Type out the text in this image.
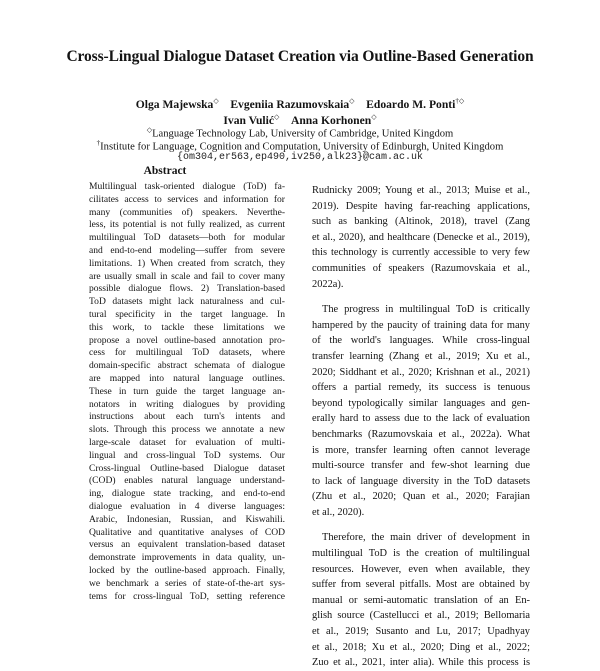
Cross-Lingual Dialogue Dataset Creation via Outline-Based Generation
Olga Majewska◇ Evgeniia Razumovskaia◇ Edoardo M. Ponti†◇
Ivan Vulić◇ Anna Korhonen◇
◇Language Technology Lab, University of Cambridge, United Kingdom
†Institute for Language, Cognition and Computation, University of Edinburgh, United Kingdom
{om304,er563,ep490,iv250,alk23}@cam.ac.uk
Abstract
Multilingual task-oriented dialogue (ToD) fa-
cilitates access to services and information for
many (communities of) speakers. Neverthe-
less, its potential is not fully realized, as current
multilingual ToD datasets—both for modular
and end-to-end modeling—suffer from severe
limitations. 1) When created from scratch, they
are usually small in scale and fail to cover many
possible dialogue flows. 2) Translation-based
ToD datasets might lack naturalness and cul-
tural specificity in the target language. In
this work, to tackle these limitations we
propose a novel outline-based annotation pro-
cess for multilingual ToD datasets, where
domain-specific abstract schemata of dialogue
are mapped into natural language outlines.
These in turn guide the target language an-
notators in writing dialogues by providing
instructions about each turn's intents and
slots. Through this process we annotate a new
large-scale dataset for evaluation of multi-
lingual and cross-lingual ToD systems. Our
Cross-lingual Outline-based Dialogue dataset
(COD) enables natural language understand-
ing, dialogue state tracking, and end-to-end
dialogue evaluation in 4 diverse languages:
Arabic, Indonesian, Russian, and Kiswahili.
Qualitative and quantitative analyses of COD
versus an equivalent translation-based dataset
demonstrate improvements in data quality, un-
locked by the outline-based approach. Finally,
we benchmark a series of state-of-the-art sys-
tems for cross-lingual ToD, setting reference
Rudnicky 2009; Young et al., 2013; Muise et al.,
2019). Despite having far-reaching applications,
such as banking (Altinok, 2018), travel (Zang
et al., 2020), and healthcare (Denecke et al., 2019),
this technology is currently accessible to very few
communities of speakers (Razumovskaia et al.,
2022a).
The progress in multilingual ToD is critically
hampered by the paucity of training data for many
of the world's languages. While cross-lingual
transfer learning (Zhang et al., 2019; Xu et al.,
2020; Siddhant et al., 2020; Krishnan et al., 2021)
offers a partial remedy, its success is tenuous
beyond typologically similar languages and gen-
erally hard to assess due to the lack of evaluation
benchmarks (Razumovskaia et al., 2022a). What
is more, transfer learning often cannot leverage
multi-source transfer and few-shot learning due
to lack of language diversity in the ToD datasets
(Zhu et al., 2020; Quan et al., 2020; Farajian
et al., 2020).
Therefore, the main driver of development in
multilingual ToD is the creation of multilingual
resources. However, even when available, they
suffer from several pitfalls. Most are obtained by
manual or semi-automatic translation of an En-
glish source (Castellucci et al., 2019; Bellomaria
et al., 2019; Susanto and Lu, 2017; Upadhyay
et al., 2018; Xu et al., 2020; Ding et al., 2022;
Zuo et al., 2021, inter alia). While this process is
